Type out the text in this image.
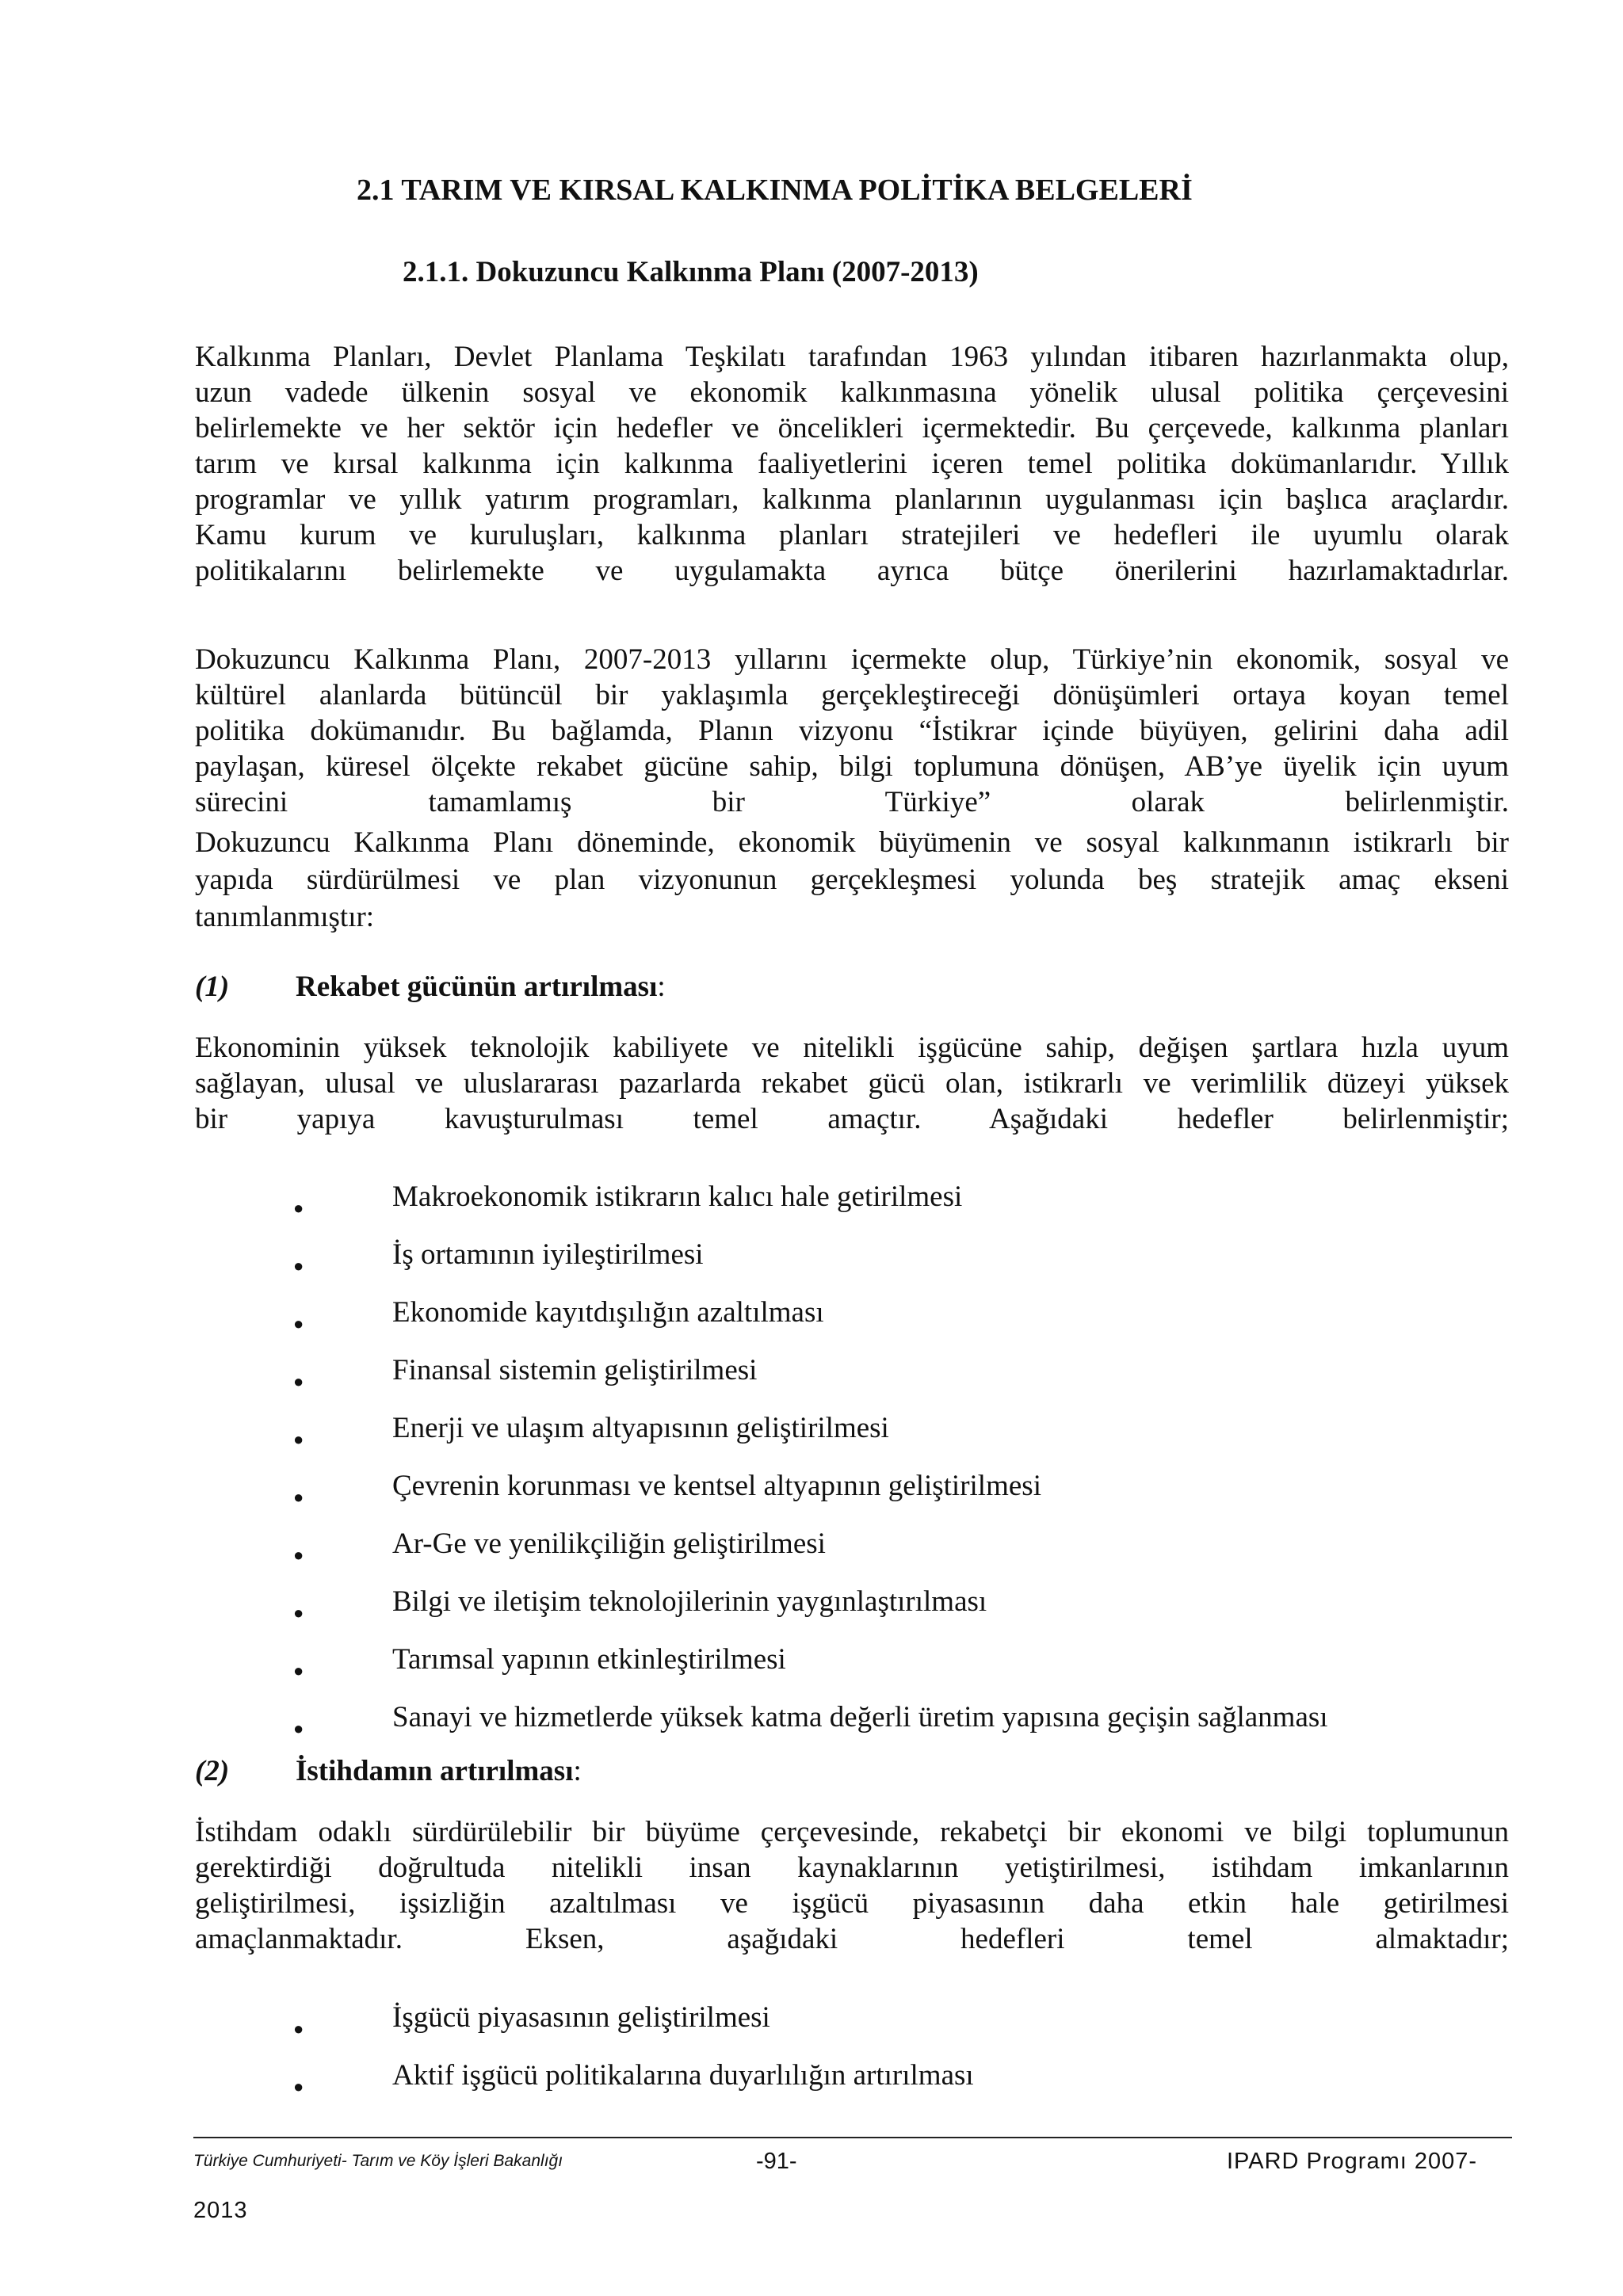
2.1 TARIM VE KIRSAL KALKINMA POLİTİKA BELGELERİ
2.1.1. Dokuzuncu Kalkınma Planı (2007-2013)
Kalkınma Planları, Devlet Planlama Teşkilatı tarafından 1963 yılından itibaren hazırlanmakta olup,
uzun vadede ülkenin sosyal ve ekonomik kalkınmasına yönelik ulusal politika çerçevesini
belirlemekte ve her sektör için hedefler ve öncelikleri içermektedir. Bu çerçevede, kalkınma planları
tarım ve kırsal kalkınma için kalkınma faaliyetlerini içeren temel politika dokümanlarıdır. Yıllık
programlar ve yıllık yatırım programları, kalkınma planlarının uygulanması için başlıca araçlardır.
Kamu kurum ve kuruluşları, kalkınma planları stratejileri ve hedefleri ile uyumlu olarak
politikalarını belirlemekte ve uygulamakta ayrıca bütçe önerilerini hazırlamaktadırlar.
Dokuzuncu Kalkınma Planı, 2007-2013 yıllarını içermekte olup, Türkiye’nin ekonomik, sosyal ve
kültürel alanlarda bütüncül bir yaklaşımla gerçekleştireceği dönüşümleri ortaya koyan temel
politika dokümanıdır. Bu bağlamda, Planın vizyonu “İstikrar içinde büyüyen, gelirini daha adil
paylaşan, küresel ölçekte rekabet gücüne sahip, bilgi toplumuna dönüşen, AB’ye üyelik için uyum
sürecini tamamlamış bir Türkiye” olarak belirlenmiştir.
Dokuzuncu Kalkınma Planı döneminde, ekonomik büyümenin ve sosyal kalkınmanın istikrarlı bir
yapıda sürdürülmesi ve plan vizyonunun gerçekleşmesi yolunda beş stratejik amaç ekseni
tanımlanmıştır:
(1) Rekabet gücünün artırılması:
Ekonominin yüksek teknolojik kabiliyete ve nitelikli işgücüne sahip, değişen şartlara hızla uyum
sağlayan, ulusal ve uluslararası pazarlarda rekabet gücü olan, istikrarlı ve verimlilik düzeyi yüksek
bir yapıya kavuşturulması temel amaçtır. Aşağıdaki hedefler belirlenmiştir;
●	Makroekonomik istikrarın kalıcı hale getirilmesi
●	İş ortamının iyileştirilmesi
●	Ekonomide kayıtdışılığın azaltılması
●	Finansal sistemin geliştirilmesi
●	Enerji ve ulaşım altyapısının geliştirilmesi
●	Çevrenin korunması ve kentsel altyapının geliştirilmesi
●	Ar-Ge ve yenilikçiliğin geliştirilmesi
●	Bilgi ve iletişim teknolojilerinin yaygınlaştırılması
●	Tarımsal yapının etkinleştirilmesi
●	Sanayi ve hizmetlerde yüksek katma değerli üretim yapısına geçişin sağlanması
(2) İstihdamın artırılması:
İstihdam odaklı sürdürülebilir bir büyüme çerçevesinde, rekabetçi bir ekonomi ve bilgi toplumunun
gerektirdiği doğrultuda nitelikli insan kaynaklarının yetiştirilmesi, istihdam imkanlarının
geliştirilmesi, işsizliğin azaltılması ve işgücü piyasasının daha etkin hale getirilmesi
amaçlanmaktadır. Eksen, aşağıdaki hedefleri temel almaktadır;
●	İşgücü piyasasının geliştirilmesi
●	Aktif işgücü politikalarına duyarlılığın artırılması
Türkiye Cumhuriyeti- Tarım ve Köy İşleri Bakanlığı	-91-	IPARD Programı 2007-
2013
